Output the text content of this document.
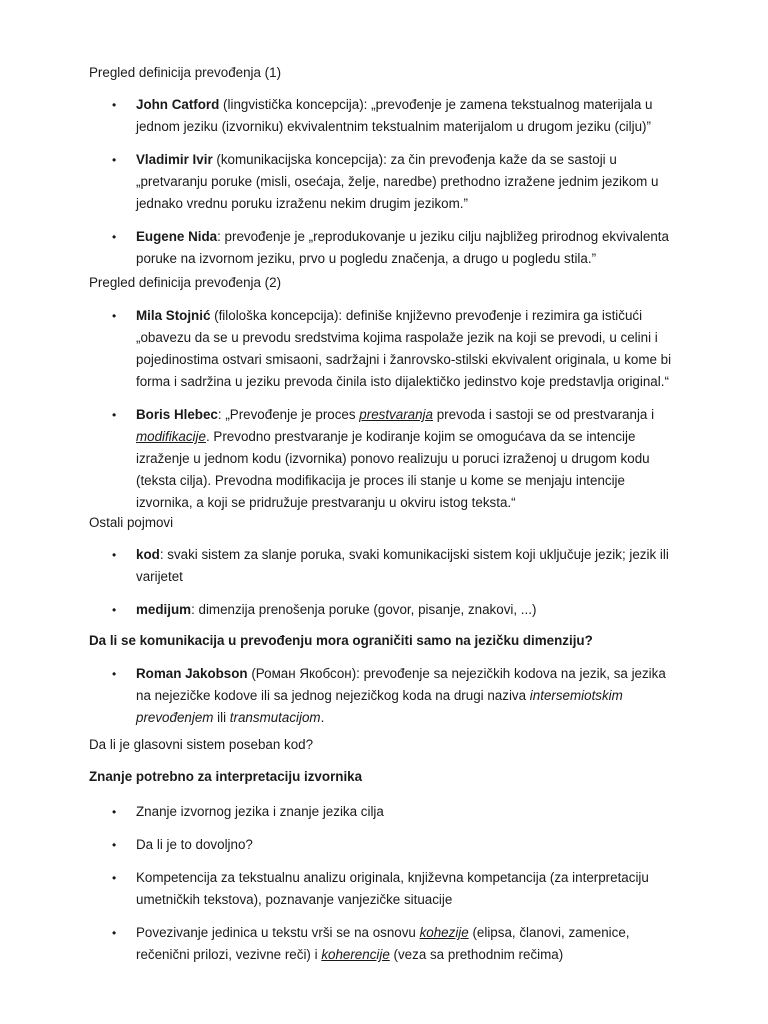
Pregled definicija prevođenja (1)
• John Catford (lingvistička koncepcija): „prevođenje je zamena tekstualnog materijala u jednom jeziku (izvorniku) ekvivalentnim tekstualnim materijalom u drugom jeziku (cilju)”
• Vladimir Ivir (komunikacijska koncepcija): za čin prevođenja kaže da se sastoji u „pretvaranju poruke (misli, osećaja, želje, naredbe) prethodno izražene jednim jezikom u jednako vrednu poruku izraženu nekim drugim jezikom.”
• Eugene Nida: prevođenje je „reprodukovanje u jeziku cilju najbližeg prirodnog ekvivalenta poruke na izvornom jeziku, prvo u pogledu značenja, a drugo u pogledu stila.”
Pregled definicija prevođenja (2)
• Mila Stojnić (filološka koncepcija): definiše književno prevođenje i rezimira ga ističući „obavezu da se u prevodu sredstvima kojima raspolaže jezik na koji se prevodi, u celini i pojedinostima ostvari smisaoni, sadržajni i žanrovsko-stilski ekvivalent originala, u kome bi forma i sadržina u jeziku prevoda činila isto dijalektičko jedinstvo koje predstavlja original.“
• Boris Hlebec: „Prevođenje je proces prestvaranja prevoda i sastoji se od prestvaranja i modifikacije. Prevodno prestvaranje je kodiranje kojim se omogućava da se intencije izraženje u jednom kodu (izvornika) ponovo realizuju u poruci izraženoj u drugom kodu (teksta cilja). Prevodna modifikacija je proces ili stanje u kome se menjaju intencije izvornika, a koji se pridružuje prestvaranju u okviru istog teksta.“
Ostali pojmovi
• kod: svaki sistem za slanje poruka, svaki komunikacijski sistem koji uključuje jezik; jezik ili varijetet
• medijum: dimenzija prenošenja poruke (govor, pisanje, znakovi, ...)
Da li se komunikacija u prevođenju mora ograničiti samo na jezičku dimenziju?
• Roman Jakobson (Роман Якобсон): prevođenje sa nejezičkih kodova na jezik, sa jezika na nejezičke kodove ili sa jednog nejezičkog koda na drugi naziva intersemiotskim prevođenjem ili transmutacijom.
Da li je glasovni sistem poseban kod?
Znanje potrebno za interpretaciju izvornika
• Znanje izvornog jezika i znanje jezika cilja
• Da li je to dovoljno?
• Kompetencija za tekstualnu analizu originala, književna kompetancija (za interpretaciju umetničkih tekstova), poznavanje vanjezičke situacije
• Povezivanje jedinica u tekstu vrši se na osnovu kohezije (elipsa, članovi, zamenice, rečenični prilozi, vezivne reči) i koherencije (veza sa prethodnim rečima)
